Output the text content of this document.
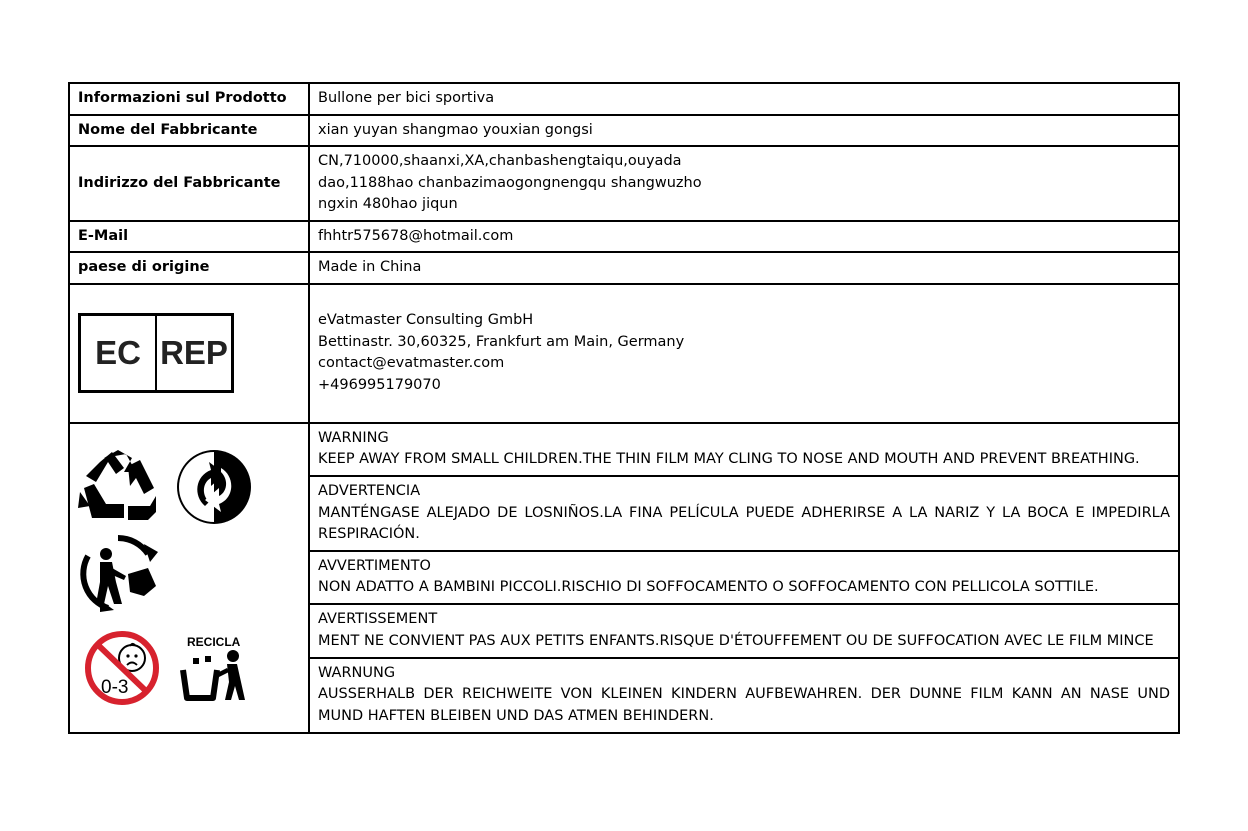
Informazioni sul Prodotto	Bullone per bici sportiva
Nome del Fabbricante	xian yuyan shangmao youxian gongsi
Indirizzo del Fabbricante	CN,710000,shaanxi,XA,chanbashengtaiqu,ouyada
dao,1188hao chanbazimaogongnengqu shangwuzho
ngxin 480hao jiqun

E-Mail	fhhtr575678@hotmail.com
paese di origine	Made in China

EC REP	eVatmaster Consulting GmbH
Bettinastr. 30,60325, Frankfurt am Main, Germany
contact@evatmaster.com
+496995179070

0-3
RECICLA	WARNING
KEEP AWAY FROM SMALL CHILDREN.THE THIN FILM MAY CLING TO NOSE AND MOUTH AND PREVENT BREATHING.

	ADVERTENCIA
MANTÉNGASE ALEJADO DE LOSNIÑOS.LA FINA PELÍCULA PUEDE ADHERIRSE A LA NARIZ Y LA BOCA E IMPEDIRLA RESPIRACIÓN.

	AVVERTIMENTO
NON ADATTO A BAMBINI PICCOLI.RISCHIO DI SOFFOCAMENTO O SOFFOCAMENTO CON PELLICOLA SOTTILE.

	AVERTISSEMENT
MENT NE CONVIENT PAS AUX PETITS ENFANTS.RISQUE D'ÉTOUFFEMENT OU DE SUFFOCATION AVEC LE FILM MINCE

	WARNUNG
AUSSERHALB DER REICHWEITE VON KLEINEN KINDERN AUFBEWAHREN. DER DUNNE FILM KANN AN NASE UND MUND HAFTEN BLEIBEN UND DAS ATMEN BEHINDERN.
